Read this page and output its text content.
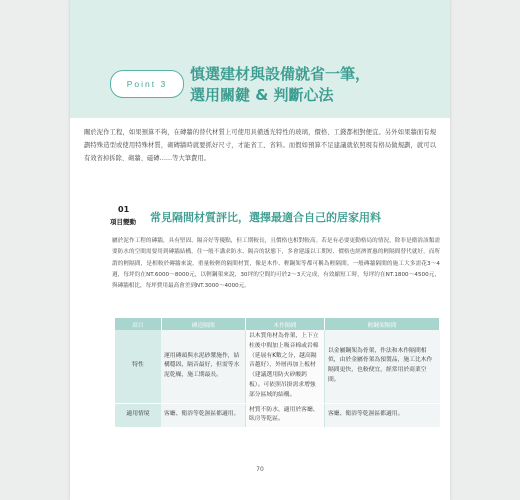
Point 3
慎選建材與設備就省一筆，
選用關鍵 & 判斷心法

關於泥作工程，如果預算不夠，在磚牆的替代材質上可使用具備透光特性的玻璃，價格、工錢都相對便宜。另外如果牆面有規劃特殊造型或使用特殊材質，砌磚牆時就要抓好尺寸，才能省工、省料。而假如預算不足建議就依照現有格局做規劃，就可以有效省掉拆除、砌牆、磁磚……等大筆費用。

01
項目變動 常見隔間材質評比，選擇最適合自己的居家用料

屬於泥作工程的磚牆，具有堅固、隔音好等優點，但工期較長，且價格也相對較高。若是有必要更動格局的情況，除非是衛浴該類需要防水的空間需要用到磚牆結構，住一般不講求防水、隔音的狀態下，多會建議以工期短、價格也經濟實惠的輕隔間替代就好，而所謂的輕隔間，是相較於磚牆來說，重量較輕的隔間材質，像是木作、輕鋼架等都可稱為輕隔間。一般磚牆隔間的施工大多需花3～4週，每坪約在NT.6000～8000元，以輕鋼架來說，30坪的空間約可於2～3天完成，有效縮短工時，每坪約在NT.1800～4500元，與磚牆相比，每坪費用最高會差到NT.3000～4000元。

項目	磚造隔間	木作隔間	輕鋼架隔間
特性	運用磚頭與水泥砂漿施作，結構穩固、隔音最好，但需等水泥乾燥，施工期最長。	以木質角材為骨架，上下立柱後中間加上吸音棉或岩棉（延展有K數之分，越高隔音越好），外層再加上板材（建議選用防火矽酸鈣板）。可依照吊掛需求增強部分區域的結構。	以金屬鋼架為骨架，作法和木作隔間相似，由於金屬骨架為預製品，施工比木作隔間更快，也較便宜，經常用於商業空間。
適用情境	客廳、衛浴等乾濕區都適用。	材質不防水，適用於客廳、臥房等乾區。	客廳、衛浴等乾濕區都適用。
70
